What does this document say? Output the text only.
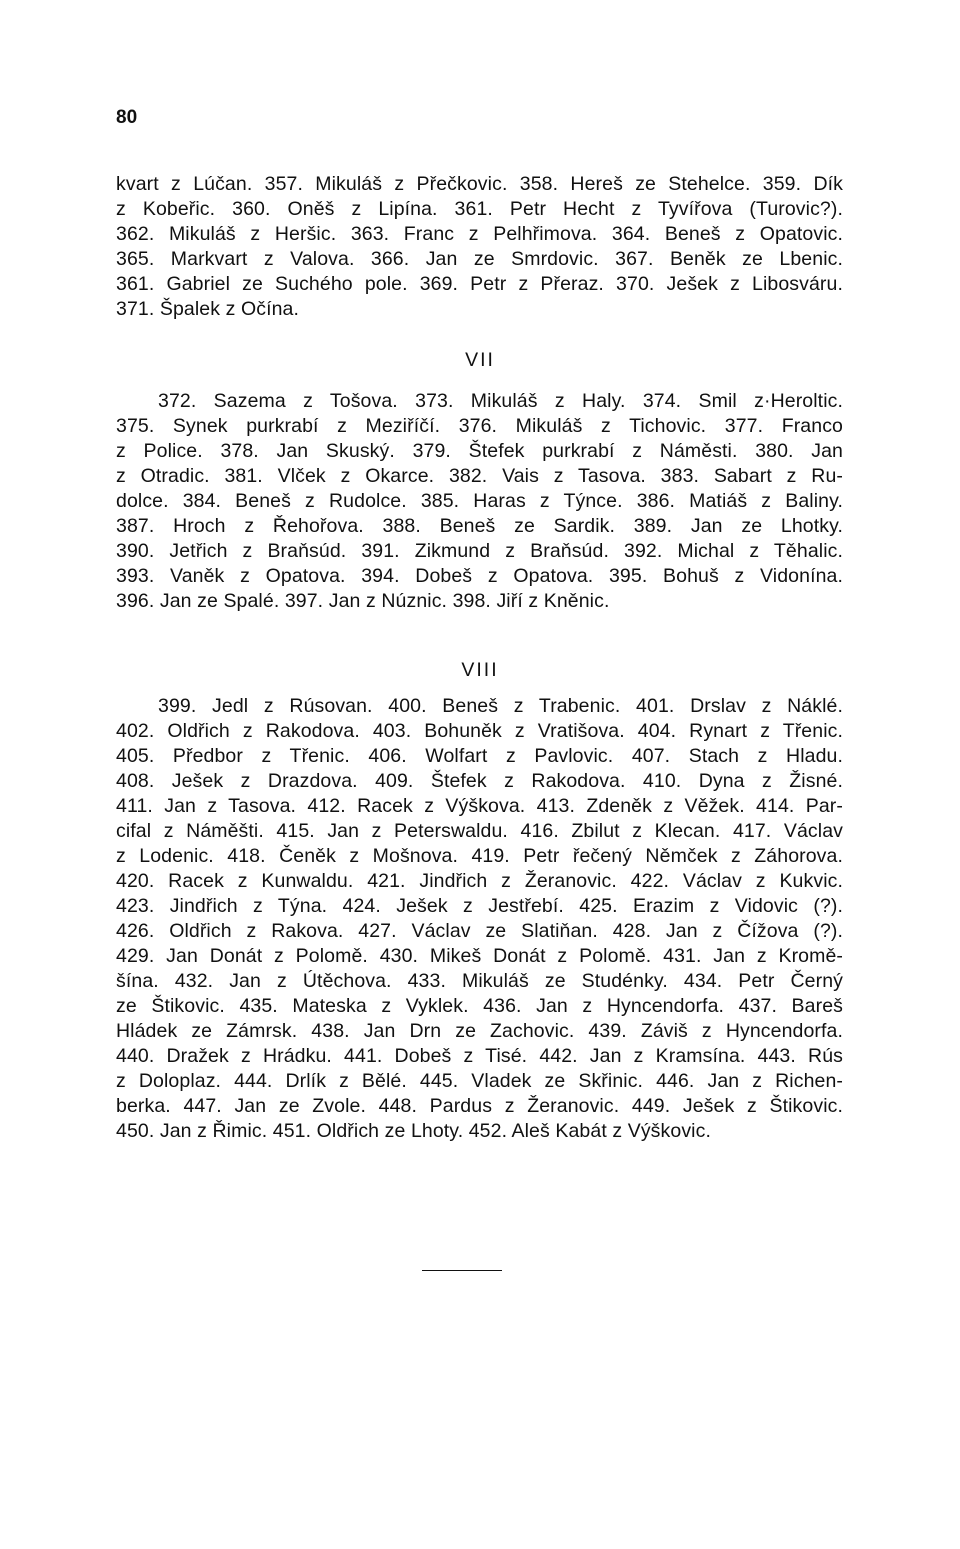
80
kvart z Lúčan. 357. Mikuláš z Přečkovic. 358. Hereš ze Stehelce. 359. Dík
z Kobeřic. 360. Oněš z Lipína. 361. Petr Hecht z Tyvířova (Turovic?).
362. Mikuláš z Heršic. 363. Franc z Pelhřimova. 364. Beneš z Opatovic.
365. Markvart z Valova. 366. Jan ze Smrdovic. 367. Beněk ze Lbenic.
361. Gabriel ze Suchého pole. 369. Petr z Přeraz. 370. Ješek z Libosváru.
371. Špalek z Očína.
VII
372. Sazema z Tošova. 373. Mikuláš z Haly. 374. Smil z·Heroltic.
375. Synek purkrabí z Meziříčí. 376. Mikuláš z Tichovic. 377. Franco
z Police. 378. Jan Skuský. 379. Štefek purkrabí z Náměsti. 380. Jan
z Otradic. 381. Vlček z Okarce. 382. Vais z Tasova. 383. Sabart z Ru-
dolce. 384. Beneš z Rudolce. 385. Haras z Týnce. 386. Matiáš z Baliny.
387. Hroch z Řehořova. 388. Beneš ze Sardik. 389. Jan ze Lhotky.
390. Jetřich z Braňsúd. 391. Zikmund z Braňsúd. 392. Michal z Těhalic.
393. Vaněk z Opatova. 394. Dobeš z Opatova. 395. Bohuš z Vidonína.
396. Jan ze Spalé. 397. Jan z Núznic. 398. Jiří z Kněnic.
VIII
399. Jedl z Rúsovan. 400. Beneš z Trabenic. 401. Drslav z Náklé.
402. Oldřich z Rakodova. 403. Bohuněk z Vratišova. 404. Rynart z Třenic.
405. Předbor z Třenic. 406. Wolfart z Pavlovic. 407. Stach z Hladu.
408. Ješek z Drazdova. 409. Štefek z Rakodova. 410. Dyna z Žisné.
411. Jan z Tasova. 412. Racek z Výškova. 413. Zdeněk z Věžek. 414. Par-
cifal z Náměšti. 415. Jan z Peterswaldu. 416. Zbilut z Klecan. 417. Václav
z Lodenic. 418. Čeněk z Mošnova. 419. Petr řečený Němček z Záhorova.
420. Racek z Kunwaldu. 421. Jindřich z Žeranovic. 422. Václav z Kukvic.
423. Jindřich z Týna. 424. Ješek z Jestřebí. 425. Erazim z Vidovic (?).
426. Oldřich z Rakova. 427. Václav ze Slatiňan. 428. Jan z Čížova (?).
429. Jan Donát z Polomě. 430. Mikeš Donát z Polomě. 431. Jan z Kromě-
šína. 432. Jan z Útěchova. 433. Mikuláš ze Studénky. 434. Petr Černý
ze Štikovic. 435. Mateska z Vyklek. 436. Jan z Hyncendorfa. 437. Bareš
Hládek ze Zámrsk. 438. Jan Drn ze Zachovic. 439. Záviš z Hyncendorfa.
440. Dražek z Hrádku. 441. Dobeš z Tisé. 442. Jan z Kramsína. 443. Rús
z Doloplaz. 444. Drlík z Bělé. 445. Vladek ze Skřinic. 446. Jan z Richen-
berka. 447. Jan ze Zvole. 448. Pardus z Žeranovic. 449. Ješek z Štikovic.
450. Jan z Řimic. 451. Oldřich ze Lhoty. 452. Aleš Kabát z Výškovic.
